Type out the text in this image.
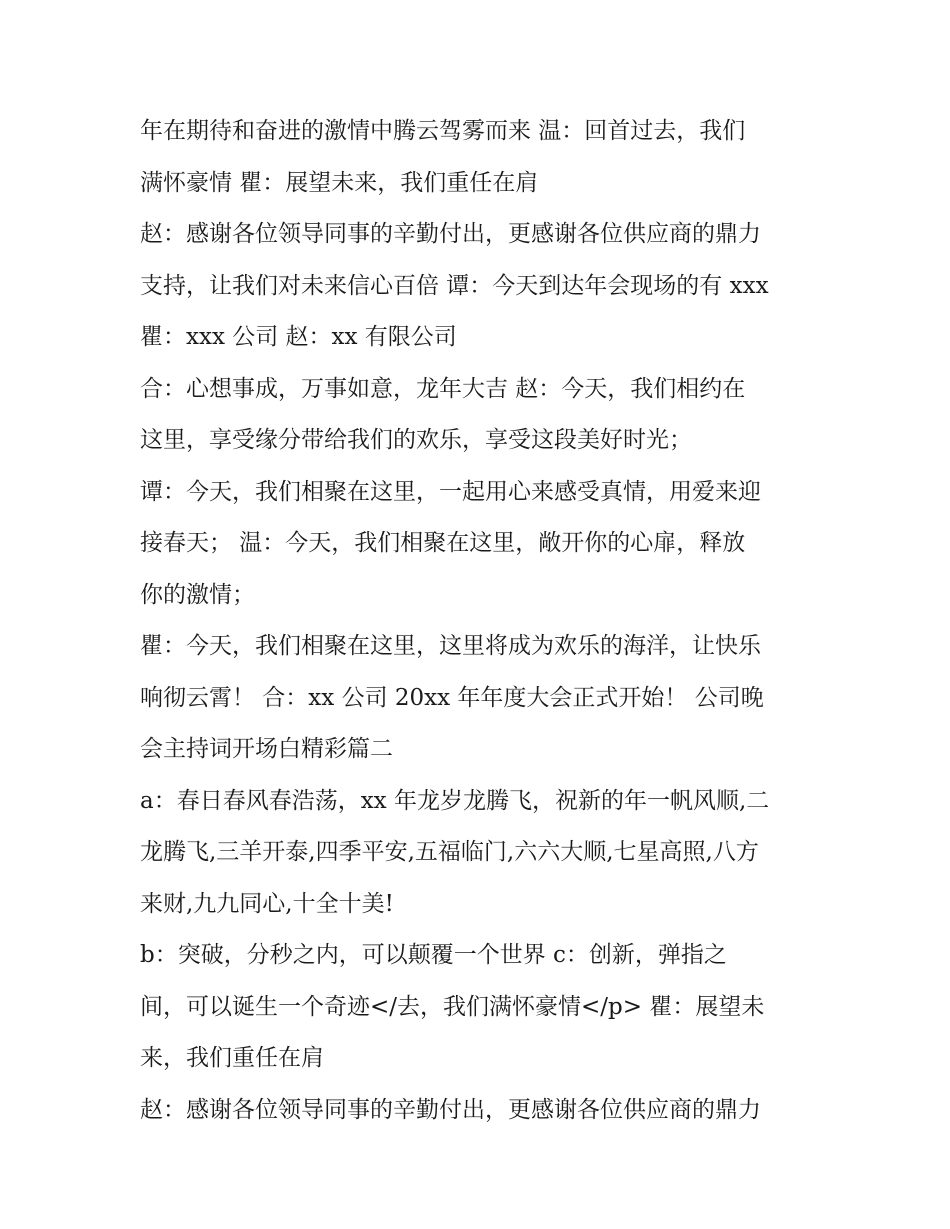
年在期待和奋进的激情中腾云驾雾而来 温：回首过去，我们
满怀豪情 瞿：展望未来，我们重任在肩
赵：感谢各位领导同事的辛勤付出，更感谢各位供应商的鼎力
支持，让我们对未来信心百倍 谭：今天到达年会现场的有 xxx
瞿：xxx 公司 赵：xx 有限公司
合：心想事成，万事如意，龙年大吉 赵：今天，我们相约在
这里，享受缘分带给我们的欢乐，享受这段美好时光；
谭：今天，我们相聚在这里，一起用心来感受真情，用爱来迎
接春天； 温：今天，我们相聚在这里，敞开你的心扉，释放
你的激情；
瞿：今天，我们相聚在这里，这里将成为欢乐的海洋，让快乐
响彻云霄！ 合：xx 公司 20xx 年年度大会正式开始！ 公司晚
会主持词开场白精彩篇二
a：春日春风春浩荡，xx 年龙岁龙腾飞，祝新的年一帆风顺,二
龙腾飞,三羊开泰,四季平安,五福临门,六六大顺,七星高照,八方
来财,九九同心,十全十美!
b：突破，分秒之内，可以颠覆一个世界 c：创新，弹指之
间，可以诞生一个奇迹</去，我们满怀豪情</p> 瞿：展望未
来，我们重任在肩
赵：感谢各位领导同事的辛勤付出，更感谢各位供应商的鼎力
